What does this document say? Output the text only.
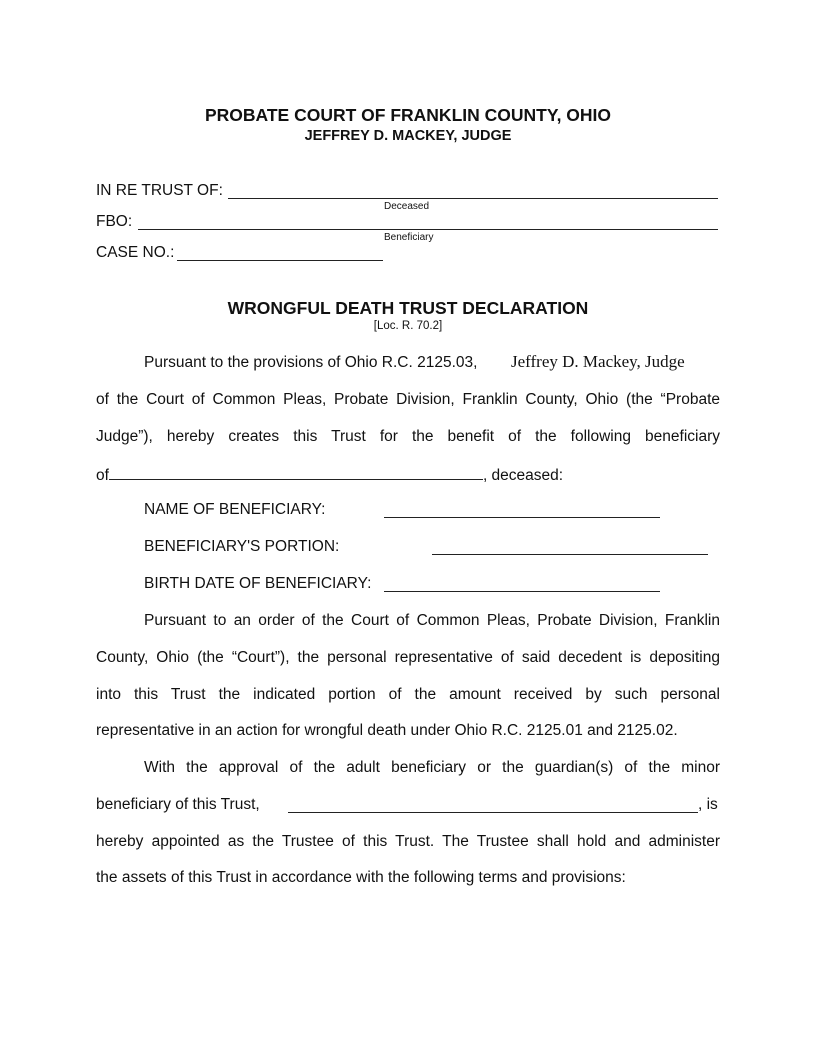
PROBATE COURT OF FRANKLIN COUNTY, OHIO
JEFFREY D. MACKEY, JUDGE
IN RE TRUST OF:
Deceased
FBO:
Beneficiary
CASE NO.:
WRONGFUL DEATH TRUST DECLARATION
[Loc. R. 70.2]
Pursuant to the provisions of Ohio R.C. 2125.03, Jeffrey D. Mackey, Judge
of the Court of Common Pleas, Probate Division, Franklin County, Ohio (the “Probate
Judge”), hereby creates this Trust for the benefit of the following beneficiary
of	, deceased:
NAME OF BENEFICIARY:
BENEFICIARY'S PORTION:
BIRTH DATE OF BENEFICIARY:
Pursuant to an order of the Court of Common Pleas, Probate Division, Franklin
County, Ohio (the “Court”), the personal representative of said decedent is depositing
into this Trust the indicated portion of the amount received by such personal
representative in an action for wrongful death under Ohio R.C. 2125.01 and 2125.02.
With the approval of the adult beneficiary or the guardian(s) of the minor
beneficiary of this Trust,	, is
hereby appointed as the Trustee of this Trust. The Trustee shall hold and administer
the assets of this Trust in accordance with the following terms and provisions:
